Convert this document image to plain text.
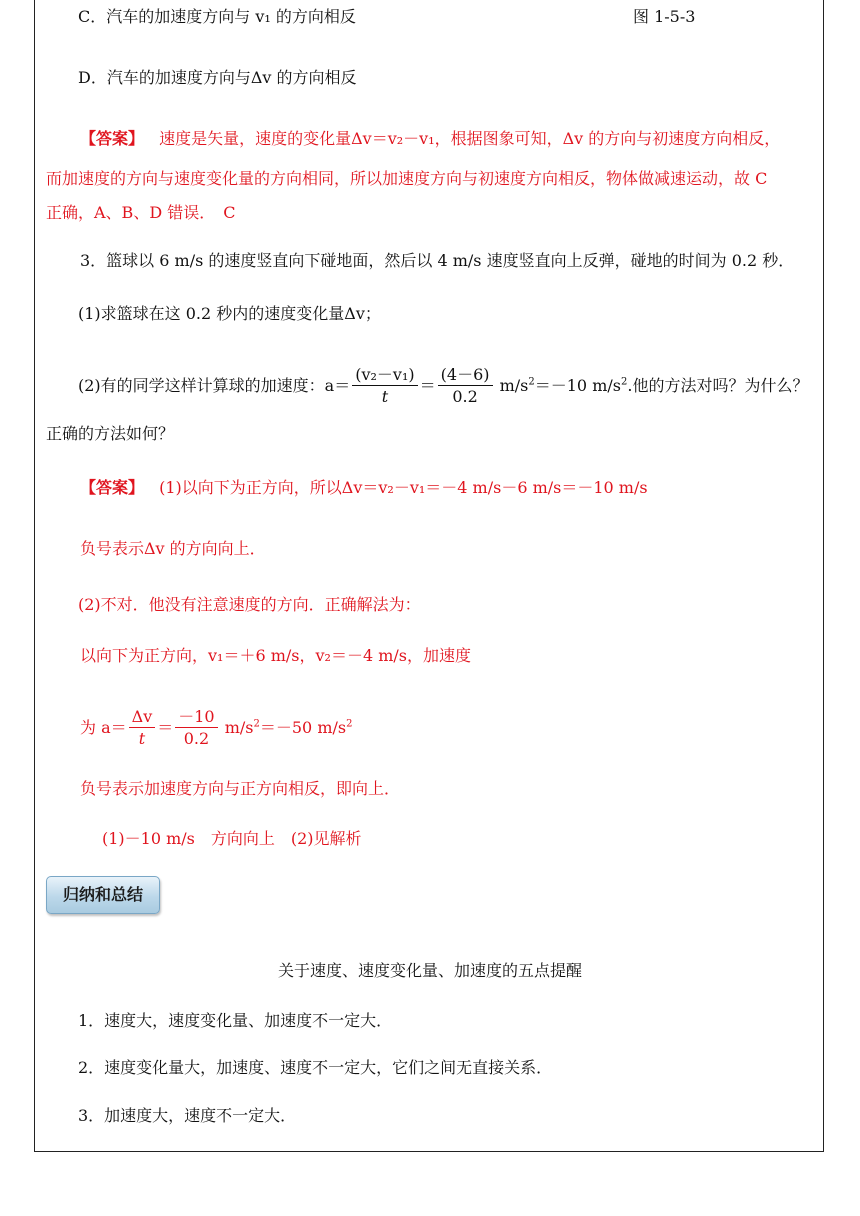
C．汽车的加速度方向与 v₁ 的方向相反	图 1-5-3
D．汽车的加速度方向与Δv 的方向相反
【答案】 速度是矢量，速度的变化量Δv＝v₂－v₁，根据图象可知，Δv 的方向与初速度方向相反，
而加速度的方向与速度变化量的方向相同，所以加速度方向与初速度方向相反，物体做减速运动，故 C
正确，A、B、D 错误．　C
3．篮球以 6 m/s 的速度竖直向下碰地面，然后以 4 m/s 速度竖直向上反弹，碰地的时间为 0.2 秒．
(1)求篮球在这 0.2 秒内的速度变化量Δv；
(2)有的同学这样计算球的加速度：$a= \frac{\text{(v₂－v₁)}}{t} = \frac{(4-6)}{0.2} m/s^2=-10$ $m/s^2$.他的方法对吗？为什么？
正确的方法如何？
【答案】 (1)以向下为正方向，所以Δv＝v₂－v₁＝－4 m/s－6 m/s＝－10 m/s
负号表示Δv 的方向向上．
(2)不对．他没有注意速度的方向．正确解法为：
以向下为正方向，v₁＝＋6 m/s，v₂＝－4 m/s，加速度
为 $a= \frac{\Delta v}{t} = \frac{-10}{0.2} m/s^2=-50$ $m/s^2$
负号表示加速度方向与正方向相反，即向上．
(1)－10 m/s　方向向上　(2)见解析
归纳和总结
关于速度、速度变化量、加速度的五点提醒
1．速度大，速度变化量、加速度不一定大．
2．速度变化量大，加速度、速度不一定大，它们之间无直接关系．
3．加速度大，速度不一定大．
